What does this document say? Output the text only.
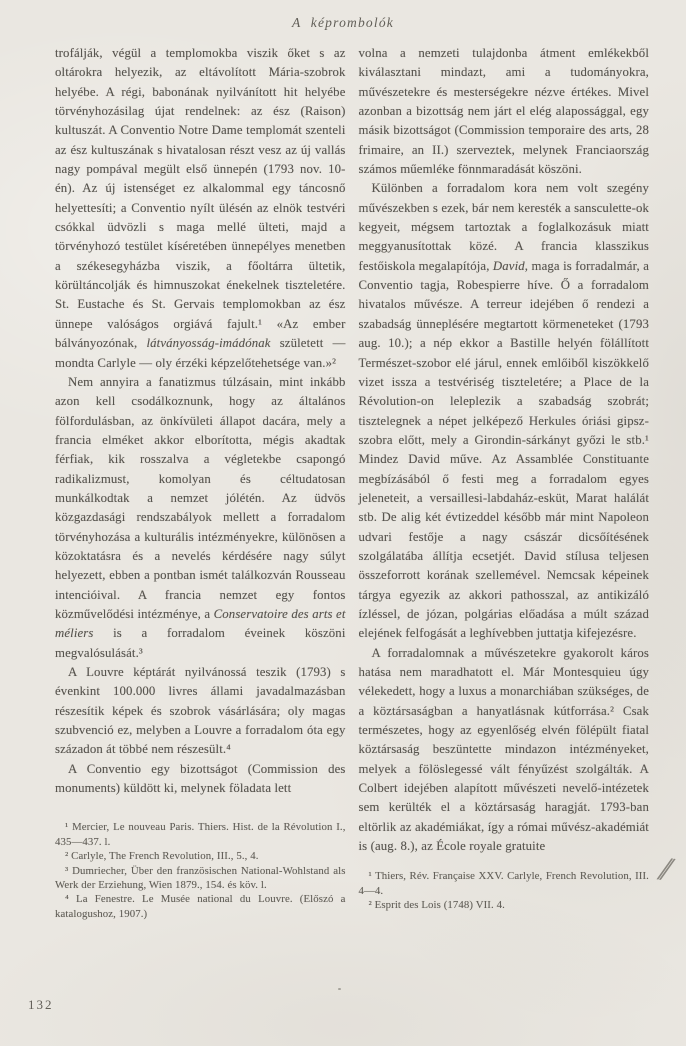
A képrombolók

trofálják, végül a templomokba viszik őket s az oltárokra helyezik, az eltávolított Mária-szobrok helyébe. A régi, babonának nyilvánított hit helyébe törvényhozásilag újat rendelnek: az ész (Raison) kultuszát. A Conventio Notre Dame templomát szenteli az ész kultuszának s hivatalosan részt vesz az új vallás nagy pompával megült első ünnepén (1793 nov. 10-én). Az új istenséget ez alkalommal egy táncosnő helyettesíti; a Conventio nyílt ülésén az elnök testvéri csókkal üdvözli s maga mellé ülteti, majd a törvényhozó testület kíséretében ünnepélyes menetben a székesegyházba viszik, a főoltárra ültetik, körültáncolják és himnuszokat énekelnek tiszteletére. St. Eustache és St. Gervais templomokban az ész ünnepe valóságos orgiává fajult.¹ «Az ember bálványozónak, látványosság-imádónak született — mondta Carlyle — oly érzéki képzelőtehetsége van.»²

Nem annyira a fanatizmus túlzásain, mint inkább azon kell csodálkoznunk, hogy az általános fölfordulásban, az önkívületi állapot dacára, mely a francia elméket akkor elborította, mégis akadtak férfiak, kik rosszalva a végletekbe csapongó radikalizmust, komolyan és céltudatosan munkálkodtak a nemzet jólétén. Az üdvös közgazdasági rendszabályok mellett a forradalom törvényhozása a kulturális intézményekre, különösen a közoktatásra és a nevelés kérdésére nagy súlyt helyezett, ebben a pontban ismét találkozván Rousseau intencióival. A francia nemzet egy fontos közművelődési intézménye, a Conservatoire des arts et méliers is a forradalom éveinek köszöni megvalósulását.³

A Louvre képtárát nyilvánossá teszik (1793) s évenkint 100.000 livres állami javadalmazásban részesítik képek és szobrok vásárlására; oly magas szubvenció ez, melyben a Louvre a forradalom óta egy századon át többé nem részesült.⁴

A Conventio egy bizottságot (Commission des monuments) küldött ki, melynek föladata lett

¹ Mercier, Le nouveau Paris. Thiers. Hist. de la Révolution I., 435—437. l.

² Carlyle, The French Revolution, III., 5., 4.

³ Dumriecher, Über den französischen National-Wohlstand als Werk der Erziehung, Wien 1879., 154. és köv. l.

⁴ La Fenestre. Le Musée national du Louvre. (Előszó a katalogushoz, 1907.)

volna a nemzeti tulajdonba átment emlékekből kiválasztani mindazt, ami a tudományokra, művészetekre és mesterségekre nézve értékes. Mivel azonban a bizottság nem járt el elég alapossággal, egy másik bizottságot (Commission temporaire des arts, 28 frimaire, an II.) szerveztek, melynek Franciaország számos műemléke fönnmaradását köszöni.

Különben a forradalom kora nem volt szegény művészekben s ezek, bár nem keresték a sansculette-ok kegyeit, mégsem tartoztak a foglalkozásuk miatt meggyanusítottak közé. A francia klasszikus festőiskola megalapítója, David, maga is forradalmár, a Conventio tagja, Robespierre híve. Ő a forradalom hivatalos művésze. A terreur idejében ő rendezi a szabadság ünneplésére megtartott körmeneteket (1793 aug. 10.); a nép ekkor a Bastille helyén fölállított Természet-szobor elé járul, ennek emlőiből kiszökkelő vizet issza a testvériség tiszteletére; a Place de la Révolution-on leleplezik a szabadság szobrát; tisztelegnek a népet jelképező Herkules óriási gipsz-szobra előtt, mely a Girondin-sárkányt győzi le stb.¹ Mindez David műve. Az Assamblée Constituante megbízásából ő festi meg a forradalom egyes jeleneteit, a versaillesi-labdaház-esküt, Marat halálát stb. De alig két évtizeddel később már mint Napoleon udvari festője a nagy császár dicsőítésének szolgálatába állítja ecsetjét. David stílusa teljesen összeforrott korának szellemével. Nemcsak képeinek tárgya egyezik az akkori pathosszal, az antikizáló ízléssel, de józan, polgárias előadása a múlt század elejének felfogását a leghívebben juttatja kifejezésre.

A forradalomnak a művészetekre gyakorolt káros hatása nem maradhatott el. Már Montesquieu úgy vélekedett, hogy a luxus a monarchiában szükséges, de a köztársaságban a hanyatlásnak kútforrása.² Csak természetes, hogy az egyenlőség elvén fölépült fiatal köztársaság beszüntette mindazon intézményeket, melyek a fölöslegessé vált fényűzést szolgálták. A Colbert idejében alapított művészeti nevelő-intézetek sem kerülték el a köztársaság haragját. 1793-ban eltörlik az akadémiákat, így a római művész-akadémiát is (aug. 8.), az École royale gratuite

¹ Thiers, Rév. Française XXV. Carlyle, French Revolution, III. 4—4.

² Esprit des Lois (1748) VII. 4.

132
//
